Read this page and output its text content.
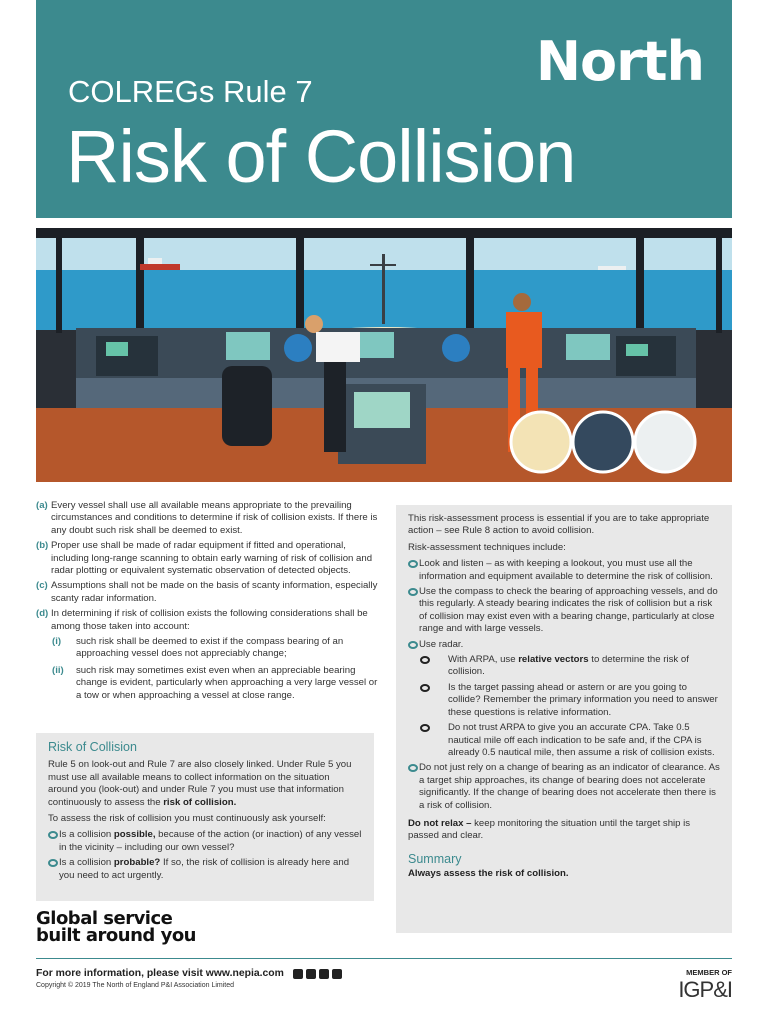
North
COLREGs Rule 7
Risk of Collision
(a) Every vessel shall use all available means appropriate to the prevailing circumstances and conditions to determine if risk of collision exists. If there is any doubt such risk shall be deemed to exist.
(b) Proper use shall be made of radar equipment if fitted and operational, including long-range scanning to obtain early warning of risk of collision and radar plotting or equivalent systematic observation of detected objects.
(c) Assumptions shall not be made on the basis of scanty information, especially scanty radar information.
(d) In determining if risk of collision exists the following considerations shall be among those taken into account:
(i)	such risk shall be deemed to exist if the compass bearing of an approaching vessel does not appreciably change;
(ii)	such risk may sometimes exist even when an appreciable bearing change is evident, particularly when approaching a very large vessel or a tow or when approaching a vessel at close range.
Risk of Collision
Rule 5 on look-out and Rule 7 are also closely linked. Under Rule 5 you must use all available means to collect information on the situation around you (look-out) and under Rule 7 you must use that information continuously to assess the risk of collision.
To assess the risk of collision you must continuously ask yourself:
Is a collision possible, because of the action (or inaction) of any vessel in the vicinity – including our own vessel?
Is a collision probable? If so, the risk of collision is already here and you need to act urgently.
This risk-assessment process is essential if you are to take appropriate action – see Rule 8 action to avoid collision.
Risk-assessment techniques include:
Look and listen – as with keeping a lookout, you must use all the information and equipment available to determine the risk of collision.
Use the compass to check the bearing of approaching vessels, and do this regularly. A steady bearing indicates the risk of collision but a risk of collision may exist even with a bearing change, particularly at close range and with large vessels.
Use radar.
With ARPA, use relative vectors to determine the risk of collision.
Is the target passing ahead or astern or are you going to collide? Remember the primary information you need to answer these questions is relative information.
Do not trust ARPA to give you an accurate CPA. Take 0.5 nautical mile off each indication to be safe and, if the CPA is already 0.5 nautical mile, then assume a risk of collision exists.
Do not just rely on a change of bearing as an indicator of clearance. As a target ship approaches, its change of bearing does not accelerate significantly. If the change of bearing does not accelerate then there is a risk of collision.
Do not relax – keep monitoring the situation until the target ship is passed and clear.
Summary
Always assess the risk of collision.
Global service
built around you
For more information, please visit www.nepia.com
Copyright © 2019 The North of England P&I Association Limited
MEMBER OF
IGP&I
